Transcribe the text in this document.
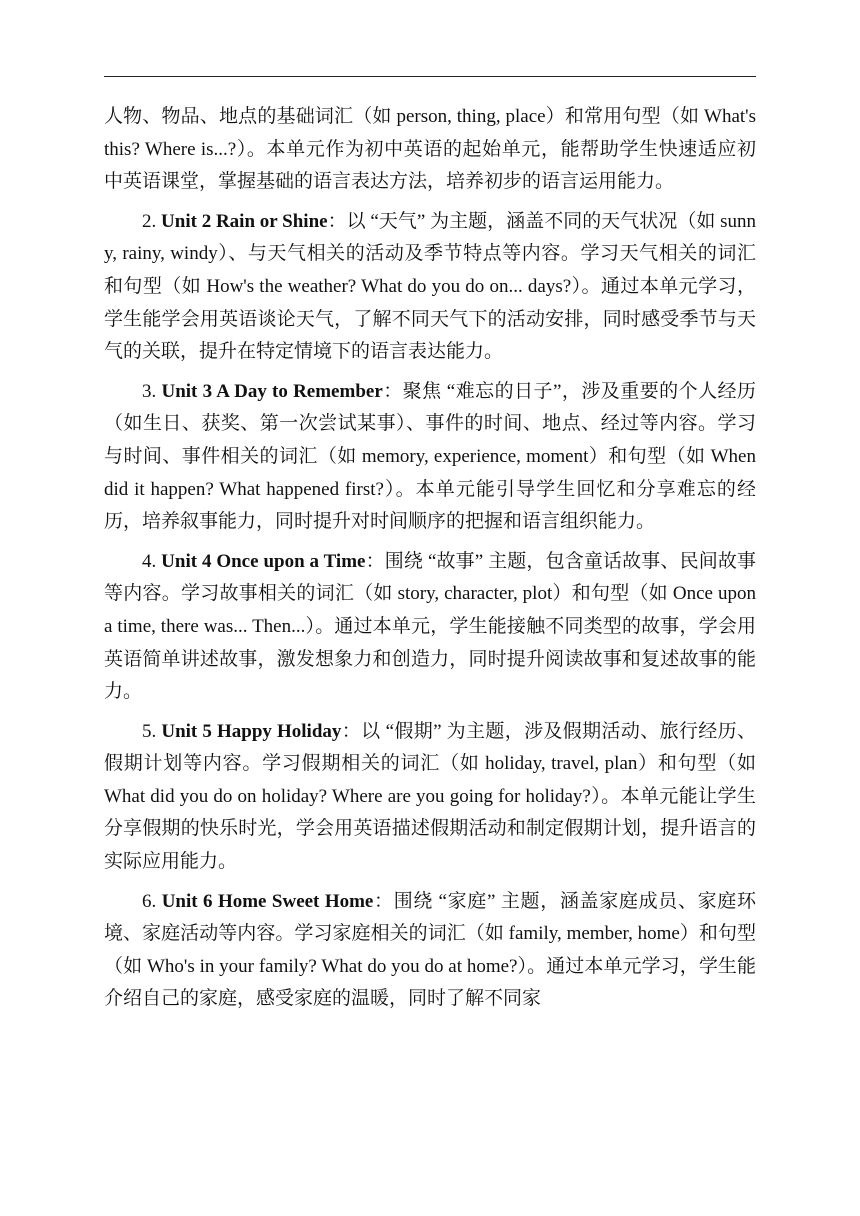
人物、物品、地点的基础词汇（如 person, thing, place）和常用句型（如 What's this? Where is...?）。本单元作为初中英语的起始单元，能帮助学生快速适应初中英语课堂，掌握基础的语言表达方法，培养初步的语言运用能力。

2. Unit 2 Rain or Shine：以 “天气” 为主题，涵盖不同的天气状况（如 sunny, rainy, windy）、与天气相关的活动及季节特点等内容。学习天气相关的词汇和句型（如 How's the weather? What do you do on... days?）。通过本单元学习，学生能学会用英语谈论天气，了解不同天气下的活动安排，同时感受季节与天气的关联，提升在特定情境下的语言表达能力。

3. Unit 3 A Day to Remember：聚焦 “难忘的日子”，涉及重要的个人经历（如生日、获奖、第一次尝试某事）、事件的时间、地点、经过等内容。学习与时间、事件相关的词汇（如 memory, experience, moment）和句型（如 When did it happen? What happened first?）。本单元能引导学生回忆和分享难忘的经历，培养叙事能力，同时提升对时间顺序的把握和语言组织能力。

4. Unit 4 Once upon a Time：围绕 “故事” 主题，包含童话故事、民间故事等内容。学习故事相关的词汇（如 story, character, plot）和句型（如 Once upon a time, there was... Then...）。通过本单元，学生能接触不同类型的故事，学会用英语简单讲述故事，激发想象力和创造力，同时提升阅读故事和复述故事的能力。

5. Unit 5 Happy Holiday：以 “假期” 为主题，涉及假期活动、旅行经历、假期计划等内容。学习假期相关的词汇（如 holiday, travel, plan）和句型（如 What did you do on holiday? Where are you going for holiday?）。本单元能让学生分享假期的快乐时光，学会用英语描述假期活动和制定假期计划，提升语言的实际应用能力。

6. Unit 6 Home Sweet Home：围绕 “家庭” 主题，涵盖家庭成员、家庭环境、家庭活动等内容。学习家庭相关的词汇（如 family, member, home）和句型（如 Who's in your family? What do you do at home?）。通过本单元学习，学生能介绍自己的家庭，感受家庭的温暖，同时了解不同家
